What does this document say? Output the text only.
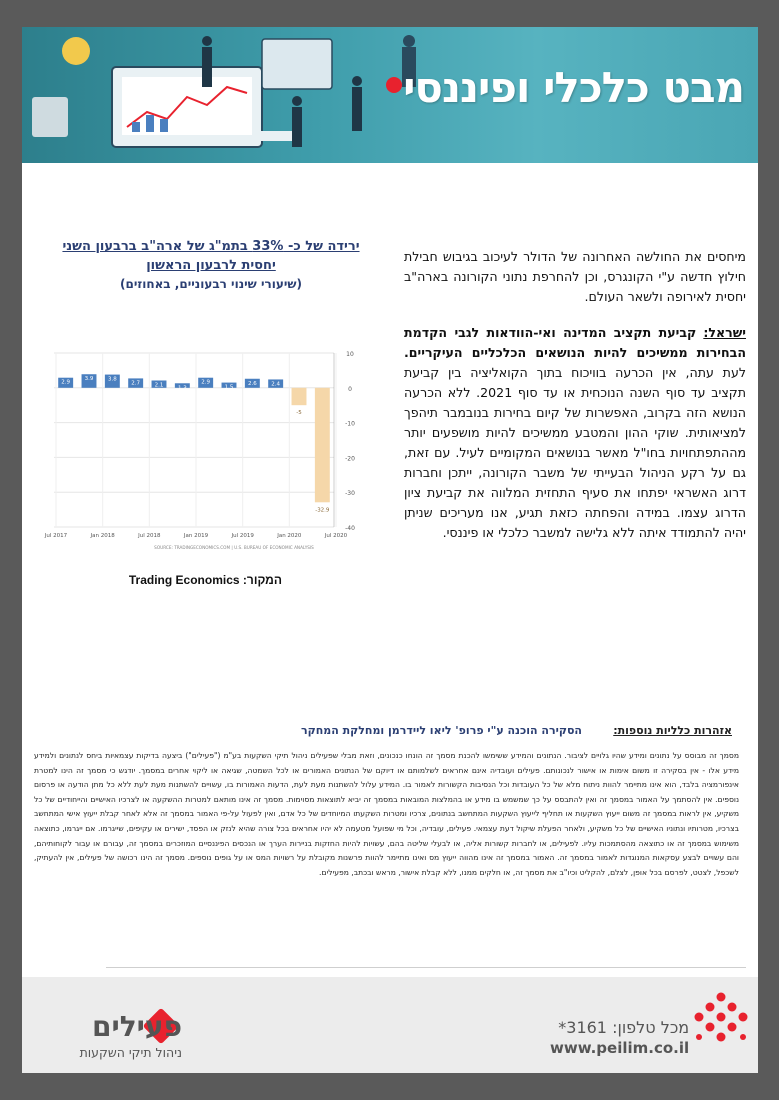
מבט כלכלי ופיננסי

מיחסים את החולשה האחרונה של הדולר לעיכוב בגיבוש חבילת חילוץ חדשה ע"י הקונגרס, וכן להחרפת נתוני הקורונה בארה"ב יחסית לאירופה ולשאר העולם.

ישראל: קביעת תקציב המדינה ואי-הוודאות לגבי הקדמת הבחירות ממשיכים להיות הנושאים הכלכליים העיקריים. לעת עתה, אין הכרעה בוויכוח בתוך הקואליציה בין קביעת תקציב עד סוף השנה הנוכחית או עד סוף 2021. ללא הכרעה הנושא הזה בקרוב, האפשרות של קיום בחירות בנובמבר תיהפך למציאותית. שוקי ההון והמטבע ממשיכים להיות מושפעים יותר מההתפתחויות בחו"ל מאשר בנושאים המקומיים לעיל. עם זאת, גם על רקע הניהול הבעייתי של משבר הקורונה, ייתכן וחברות דרוג האשראי יפתחו את סעיף התחזית המלווה את קביעת ציון הדרוג עצמו. במידה והפחתה כזאת תגיע, אנו מעריכים שניתן יהיה להתמודד איתה ללא גלישה למשבר כלכלי או פיננסי.

ירידה של כ- 33% בתמ"ג של ארה"ב ברבעון השני
יחסית לרבעון הראשון
(שיעורי שינוי רבעוניים, באחוזים)
10
0
-10
-20
-30
-40
Jul 2017	Jan 2018	Jul 2018	Jan 2019	Jul 2019	Jan 2020	Jul 2020
2.9
3.9	3.8
2.7	2.1	1.3
2.9
1.5
2.6	2.4
-5
-32.9
SOURCE: TRADINGECONOMICS.COM | U.S. BUREAU OF ECONOMIC ANALYSIS
המקור: Trading Economics
אזהרות כלליות נוספות:
הסקירה הוכנה ע"י פרופ' ליאו ליידרמן ומחלקת המחקר
מסמך זה מבוסס על נתונים ומידע שהיו גלויים לציבור. הנתונים והמידע ששימשו להכנת מסמך זה הונחו כנכונים, וזאת מבלי שפעילים ניהול תיקי השקעות בע"מ ("פעילים") ביצעה בדיקות עצמאיות ביחס לנתונים ולמידע מידע אלו - אין בסקירה זו משום אימות או אישור לנכונותם. פעילים ועובדיה אינם אחראים לשלמותם או דיוקם של הנתונים האמורים או לכל השמטה, שגיאה או ליקוי אחרים במסמך. יודגש כי מסמך זה הינו למטרת אינפורמציה בלבד, הוא אינו מתיימר להוות ניתוח מלא של כל העובדות וכל הנסיבות הקשורות לאמור בו. המידע עלול להשתנות מעת לעת, הדעות האמורות בו, עשויים להשתנות מעת לעת ללא כל מתן הודעה או פרסום נוספים. אין להסתמך על האמור במסמך זה ואין להתבסס על כך שמשמש בו מידע או בהמלצות המובאות במסמך זה יביא לתוצאות מסוימות. מסמך זה אינו מותאם למטרות ההשקעה או לצרכיו האישיים והייחודיים של כל משקיע, אין לראות במסמך זה משום ייעוץ השקעות או תחליף לייעוץ השקעות המתחשב בנתונים, צרכיו ומטרות השקעתו המיוחדים של כל אדם, ואין לפעול על-פי האמור במסמך זה אלא לאחר קבלת ייעוץ אישי המתחשב בצרכיו, מטרותיו ונתוניו האישיים של כל משקיע, ולאחר הפעלת שיקול דעת עצמאי. פעילים, עובדיה, וכל מי שפועל מטעמה לא יהיו אחראים בכל צורה שהיא לנזק או הפסד, ישירים או עקיפים, שייגרמו. אם ייגרמו, כתוצאה משימוש במסמך זה או כתוצאה מהסתמכות עליו. לפעילים, או לחברות קשורות אליה, או לבעלי שליטה בהם, עשויות להיות החזקות בניירות הערך או הנכסים הפיננסיים המוזכרים במסמך זה, עבורם או עבור לקוחותיהם, והם עשויים לבצע עסקאות המנוגדות לאמור במסמך זה. האמור במסמך זה אינו מהווה ייעוץ מס ואינו מתיימר להוות פרשנות מקובלת על רשויות המס או על גופים נוספים. מסמך זה הינו רכושה של פעילים, אין להעתיק, לשכפל, לצטט, לפרסם בכל אופן, לצלם, להקליט וכיו"ב את מסמך זה, או חלקים ממנו, ללא קבלת אישור, מראש ובכתב, מפעילים.
מכל טלפון: 3161*
www.peilim.co.il
פעילים
ניהול תיקי השקעות
